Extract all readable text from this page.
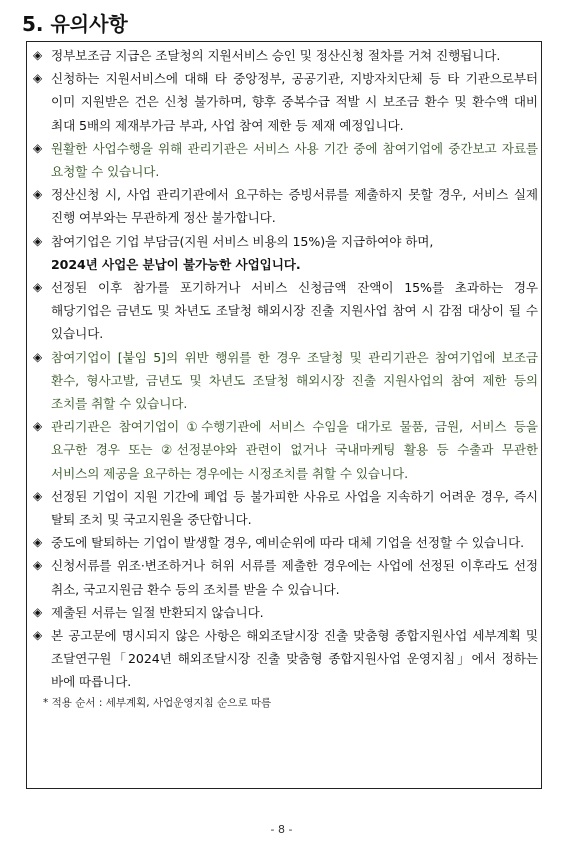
5. 유의사항
◈ 정부보조금 지급은 조달청의 지원서비스 승인 및 정산신청 절차를 거쳐 진행됩니다.
◈ 신청하는 지원서비스에 대해 타 중앙정부, 공공기관, 지방자치단체 등 타 기관으로부터 이미 지원받은 건은 신청 불가하며, 향후 중복수급 적발 시 보조금 환수 및 환수액 대비 최대 5배의 제재부가금 부과, 사업 참여 제한 등 제재 예정입니다.
◈ 원활한 사업수행을 위해 관리기관은 서비스 사용 기간 중에 참여기업에 중간보고 자료를 요청할 수 있습니다.
◈ 정산신청 시, 사업 관리기관에서 요구하는 증빙서류를 제출하지 못할 경우, 서비스 실제 진행 여부와는 무관하게 정산 불가합니다.
◈ 참여기업은 기업 부담금(지원 서비스 비용의 15%)을 지급하여야 하며,
2024년 사업은 분납이 불가능한 사업입니다.
◈ 선정된 이후 참가를 포기하거나 서비스 신청금액 잔액이 15%를 초과하는 경우 해당기업은 금년도 및 차년도 조달청 해외시장 진출 지원사업 참여 시 감점 대상이 될 수 있습니다.
◈ 참여기업이 [붙임 5]의 위반 행위를 한 경우 조달청 및 관리기관은 참여기업에 보조금 환수, 형사고발, 금년도 및 차년도 조달청 해외시장 진출 지원사업의 참여 제한 등의 조치를 취할 수 있습니다.
◈ 관리기관은 참여기업이 ①수행기관에 서비스 수임을 대가로 물품, 금원, 서비스 등을 요구한 경우 또는 ②선정분야와 관련이 없거나 국내마케팅 활용 등 수출과 무관한 서비스의 제공을 요구하는 경우에는 시정조치를 취할 수 있습니다.
◈ 선정된 기업이 지원 기간에 폐업 등 불가피한 사유로 사업을 지속하기 어려운 경우, 즉시 탈퇴 조치 및 국고지원을 중단합니다.
◈ 중도에 탈퇴하는 기업이 발생할 경우, 예비순위에 따라 대체 기업을 선정할 수 있습니다.
◈ 신청서류를 위조·변조하거나 허위 서류를 제출한 경우에는 사업에 선정된 이후라도 선정 취소, 국고지원금 환수 등의 조치를 받을 수 있습니다.
◈ 제출된 서류는 일절 반환되지 않습니다.
◈ 본 공고문에 명시되지 않은 사항은 해외조달시장 진출 맞춤형 종합지원사업 세부계획 및 조달연구원「2024년 해외조달시장 진출 맞춤형 종합지원사업 운영지침」에서 정하는 바에 따릅니다.
* 적용 순서 : 세부계획, 사업운영지침 순으로 따름
- 8 -
